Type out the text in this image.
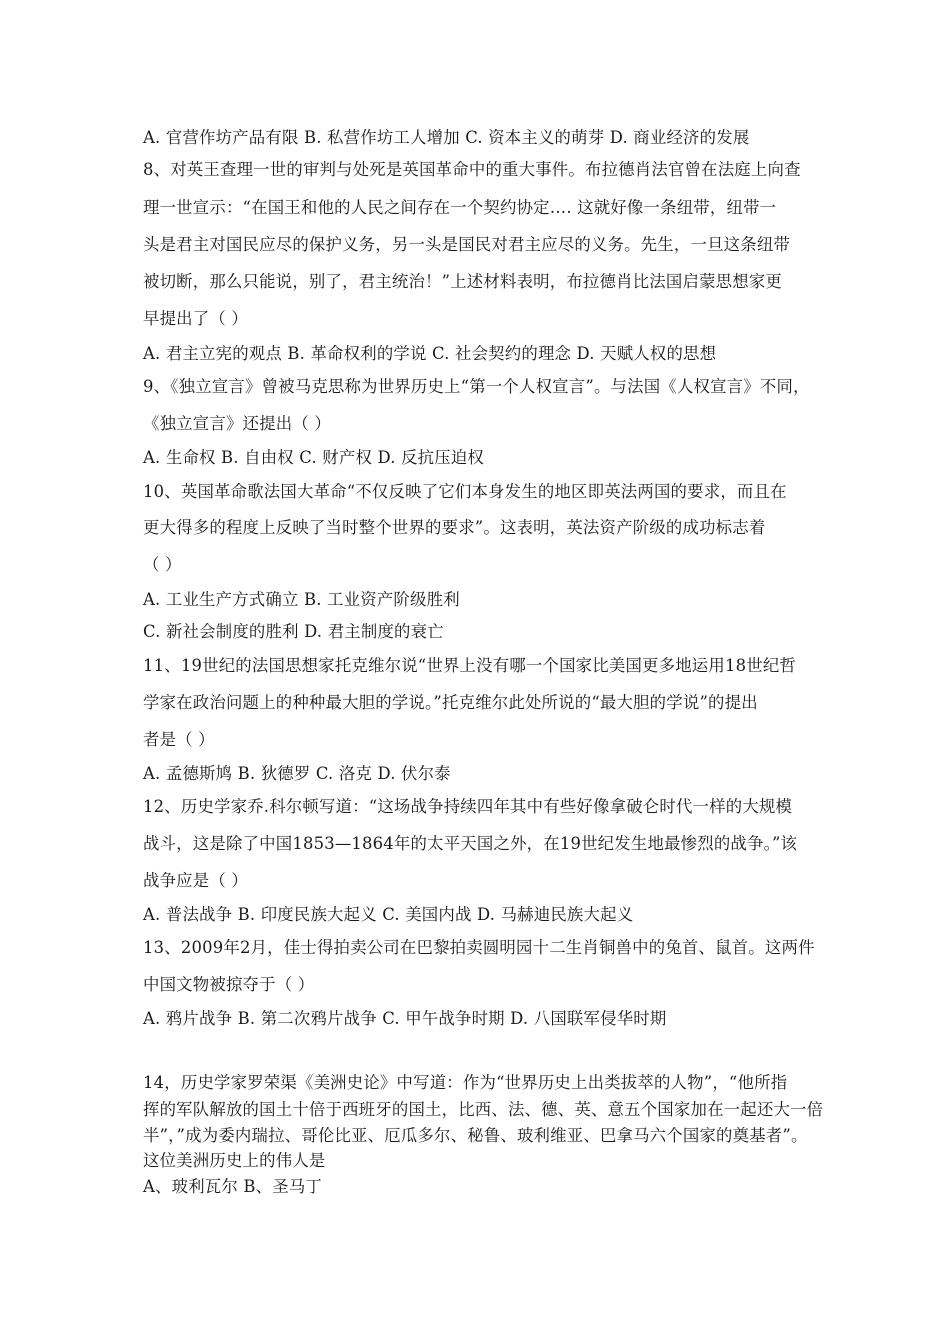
A. 官营作坊产品有限 B. 私营作坊工人增加 C. 资本主义的萌芽 D. 商业经济的发展
8、对英王查理一世的审判与处死是英国革命中的重大事件。布拉德肖法官曾在法庭上向查
理一世宣示：“在国王和他的人民之间存在一个契约协定…. 这就好像一条纽带，纽带一
头是君主对国民应尽的保护义务，另一头是国民对君主应尽的义务。先生，一旦这条纽带
被切断，那么只能说，别了，君主统治！”上述材料表明，布拉德肖比法国启蒙思想家更
早提出了（ ）
A. 君主立宪的观点 B. 革命权利的学说 C. 社会契约的理念 D. 天赋人权的思想
9、《独立宣言》曾被马克思称为世界历史上“第一个人权宣言”。与法国《人权宣言》不同，
《独立宣言》还提出（ ）
A. 生命权 B. 自由权 C. 财产权 D. 反抗压迫权
10、英国革命歌法国大革命“不仅反映了它们本身发生的地区即英法两国的要求，而且在
更大得多的程度上反映了当时整个世界的要求”。这表明，英法资产阶级的成功标志着
（ ）
A. 工业生产方式确立 B. 工业资产阶级胜利
C. 新社会制度的胜利 D. 君主制度的衰亡
11、19世纪的法国思想家托克维尔说“世界上没有哪一个国家比美国更多地运用18世纪哲
学家在政治问题上的种种最大胆的学说。”托克维尔此处所说的“最大胆的学说”的提出
者是（ ）
A. 孟德斯鸠 B. 狄德罗 C. 洛克 D. 伏尔泰
12、历史学家乔.科尔顿写道：“这场战争持续四年其中有些好像拿破仑时代一样的大规模
战斗，这是除了中国1853—1864年的太平天国之外，在19世纪发生地最惨烈的战争。”该
战争应是（ ）
A. 普法战争 B. 印度民族大起义 C. 美国内战 D. 马赫迪民族大起义
13、2009年2月，佳士得拍卖公司在巴黎拍卖圆明园十二生肖铜兽中的兔首、鼠首。这两件
中国文物被掠夺于（ ）
A. 鸦片战争 B. 第二次鸦片战争 C. 甲午战争时期 D. 八国联军侵华时期
14，历史学家罗荣渠《美洲史论》中写道：作为“世界历史上出类拔萃的人物”，“他所指
挥的军队解放的国土十倍于西班牙的国土，比西、法、德、英、意五个国家加在一起还大一倍
半”，”成为委内瑞拉、哥伦比亚、厄瓜多尔、秘鲁、玻利维亚、巴拿马六个国家的奠基者”。
这位美洲历史上的伟人是
A、玻利瓦尔 B、圣马丁
